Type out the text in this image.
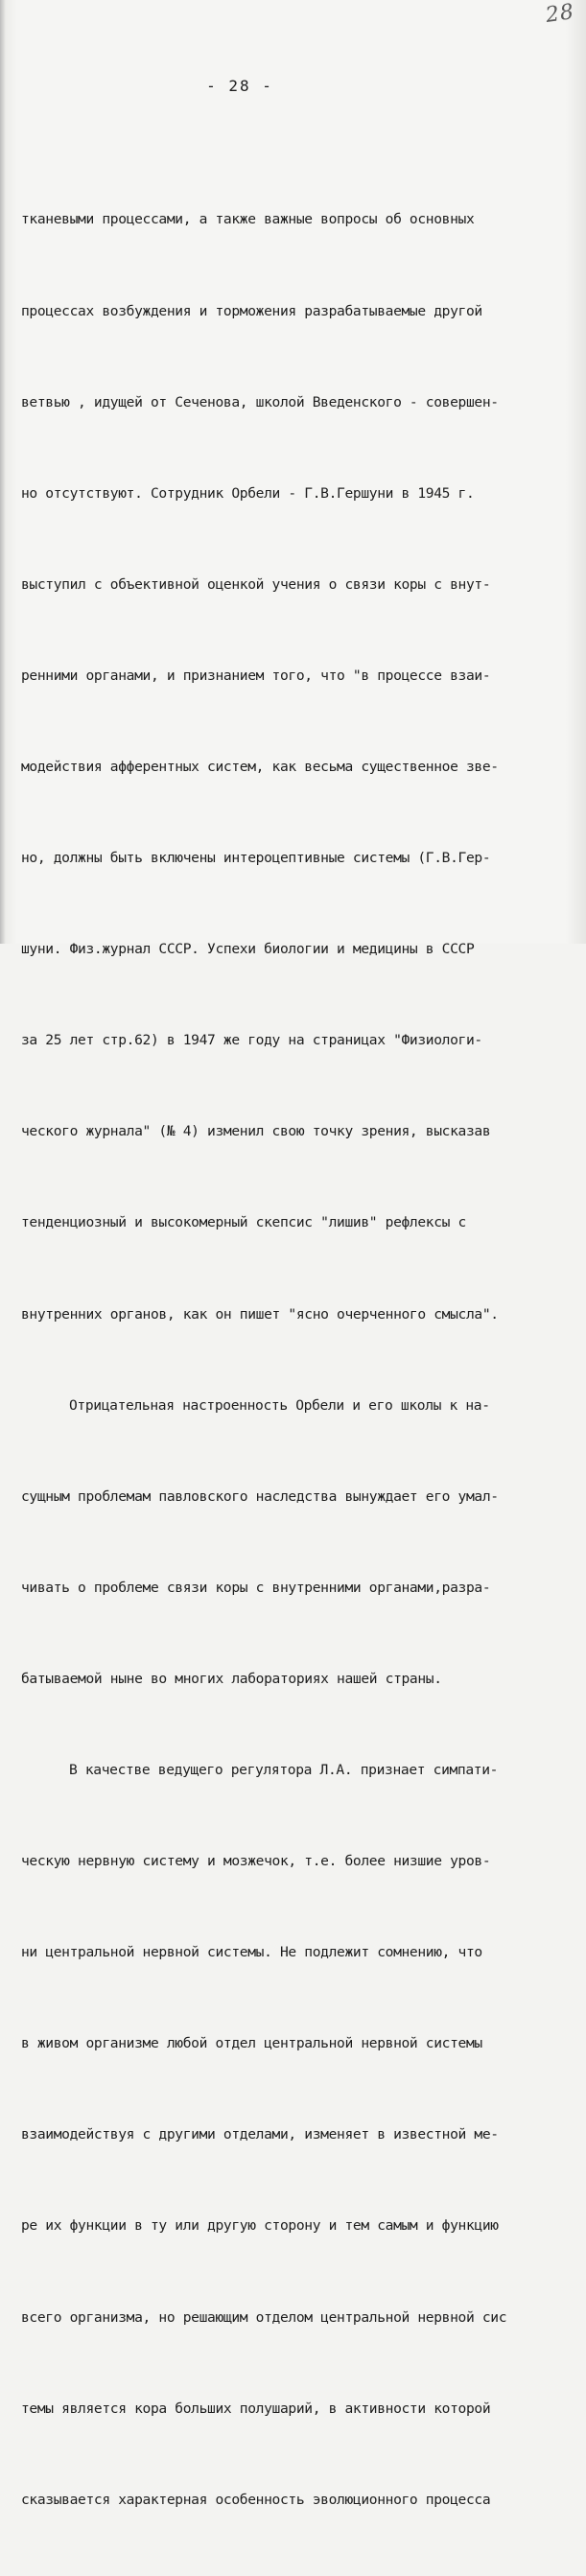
28
- 28 -

тканевыми процессами, а также важные вопросы об основных

процессах возбуждения и торможения разрабатываемые другой

ветвью , идущей от Сеченова, школой Введенского - совершен-

но отсутствуют. Сотрудник Орбели - Г.В.Гершуни в 1945 г.

выступил с объективной оценкой учения о связи коры с внут-

ренними органами, и признанием того, что "в процессе взаи-

модействия афферентных систем, как весьма существенное зве-

но, должны быть включены интероцептивные системы (Г.В.Гер-

шуни. Физ.журнал СССР. Успехи биологии и медицины в СССР

за 25 лет стр.62) в 1947 же году на страницах "Физиологи-

ческого журнала" (№ 4) изменил свою точку зрения, высказав

тенденциозный и высокомерный скепсис "лишив" рефлексы с

внутренних органов, как он пишет "ясно очерченного смысла".

Отрицательная настроенность Орбели и его школы к на-

сущным проблемам павловского наследства вынуждает его умал-

чивать о проблеме связи коры с внутренними органами,разра-

батываемой ныне во многих лабораториях нашей страны.

В качестве ведущего регулятора Л.А. признает симпати-

ческую нервную систему и мозжечок, т.е. более низшие уров-

ни центральной нервной системы. Не подлежит сомнению, что

в живом организме любой отдел центральной нервной системы

взаимодействуя с другими отделами, изменяет в известной ме-

ре их функции в ту или другую сторону и тем самым и функцию

всего организма, но решающим отделом центральной нервной сис

темы является кора больших полушарий, в активности которой

сказывается характерная особенность эволюционного процесса
